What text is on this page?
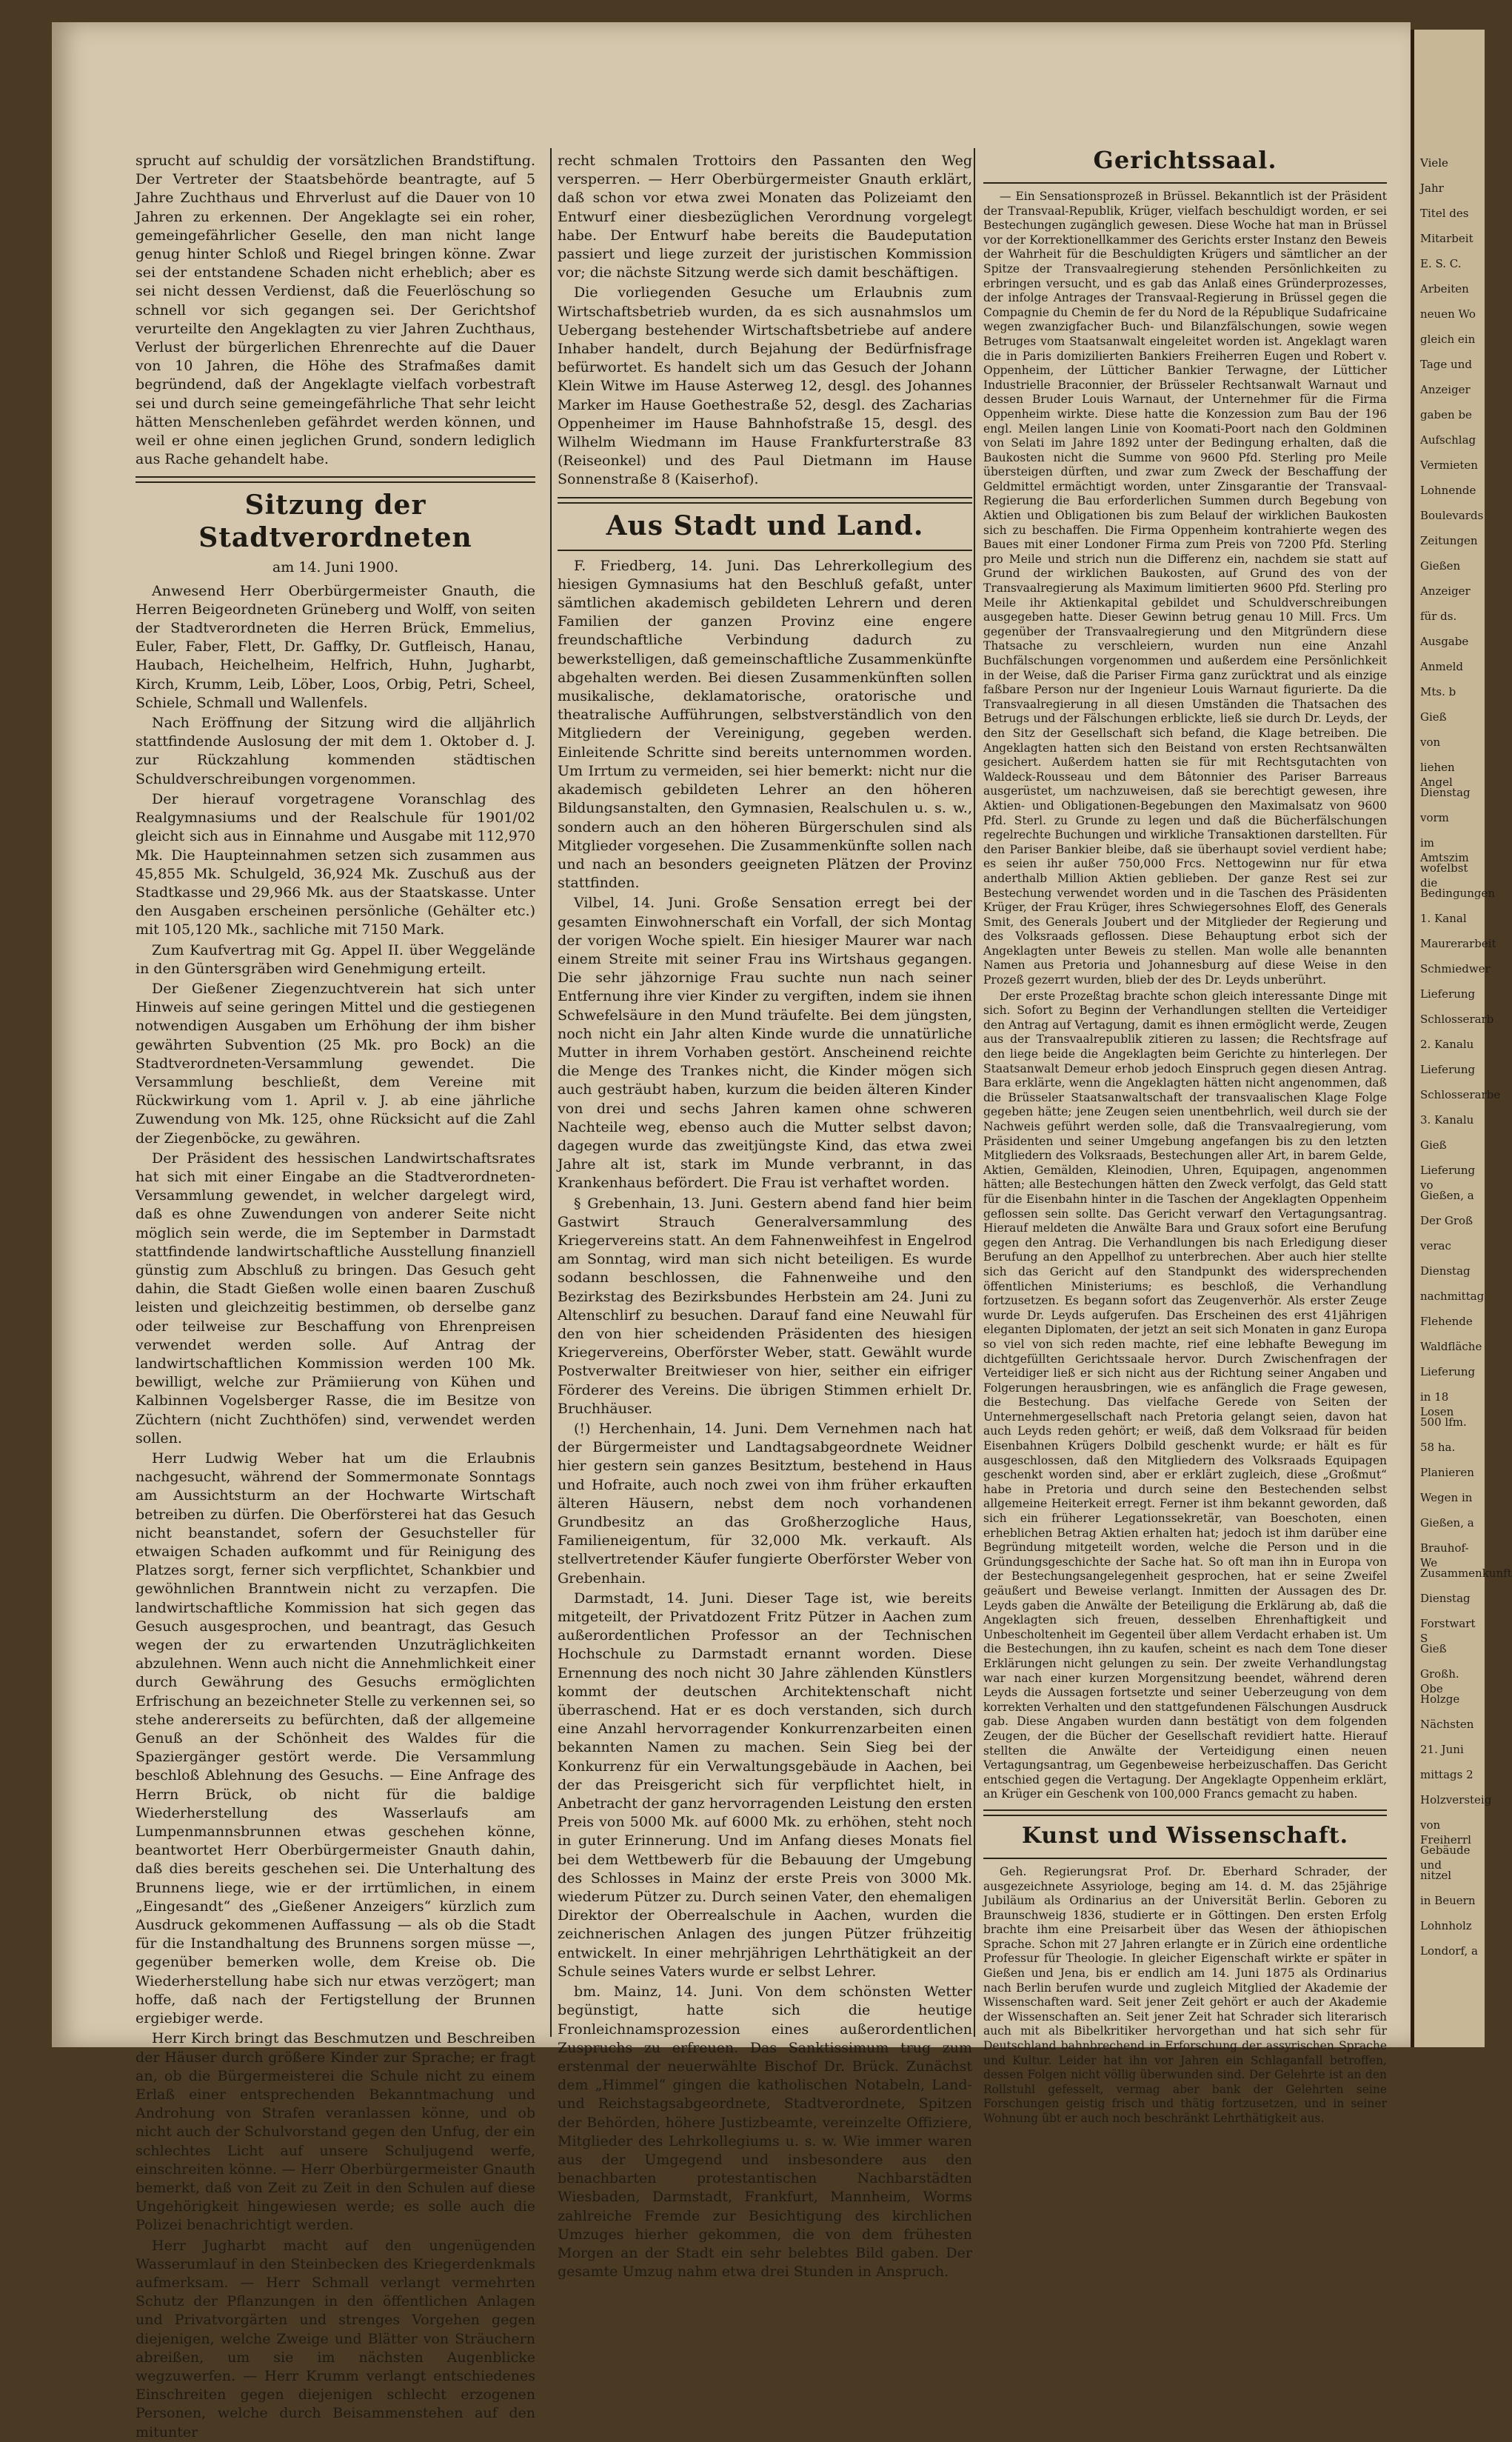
sprucht auf schuldig der vorsätzlichen Brandstiftung. Der Vertreter der Staatsbehörde beantragte, auf 5 Jahre Zuchthaus und Ehrverlust auf die Dauer von 10 Jahren zu erkennen. Der Angeklagte sei ein roher, gemeingefährlicher Geselle, den man nicht lange genug hinter Schloß und Riegel bringen könne. Zwar sei der entstandene Schaden nicht erheblich; aber es sei nicht dessen Verdienst, daß die Feuerlöschung so schnell vor sich gegangen sei. Der Gerichtshof verurteilte den Angeklagten zu vier Jahren Zuchthaus, Verlust der bürgerlichen Ehrenrechte auf die Dauer von 10 Jahren, die Höhe des Strafmaßes damit begründend, daß der Angeklagte vielfach vorbestraft sei und durch seine gemeingefährliche That sehr leicht hätten Menschenleben gefährdet werden können, und weil er ohne einen jeglichen Grund, sondern lediglich aus Rache gehandelt habe.

Sitzung der Stadtverordneten
am 14. Juni 1900.

Anwesend Herr Oberbürgermeister Gnauth, die Herren Beigeordneten Grüneberg und Wolff, von seiten der Stadtverordneten die Herren Brück, Emmelius, Euler, Faber, Flett, Dr. Gaffky, Dr. Gutfleisch, Hanau, Haubach, Heichelheim, Helfrich, Huhn, Jugharbt, Kirch, Krumm, Leib, Löber, Loos, Orbig, Petri, Scheel, Schiele, Schmall und Wallenfels.

Nach Eröffnung der Sitzung wird die alljährlich stattfindende Auslosung der mit dem 1. Oktober d. J. zur Rückzahlung kommenden städtischen Schuldverschreibungen vorgenommen.

Der hierauf vorgetragene Voranschlag des Realgymnasiums und der Realschule für 1901/02 gleicht sich aus in Einnahme und Ausgabe mit 112,970 Mk. Die Haupteinnahmen setzen sich zusammen aus 45,855 Mk. Schulgeld, 36,924 Mk. Zuschuß aus der Stadtkasse und 29,966 Mk. aus der Staatskasse. Unter den Ausgaben erscheinen persönliche (Gehälter etc.) mit 105,120 Mk., sachliche mit 7150 Mark.

Zum Kaufvertrag mit Gg. Appel II. über Weggelände in den Güntersgräben wird Genehmigung erteilt.

Der Gießener Ziegenzuchtverein hat sich unter Hinweis auf seine geringen Mittel und die gestiegenen notwendigen Ausgaben um Erhöhung der ihm bisher gewährten Subvention (25 Mk. pro Bock) an die Stadtverordneten-Versammlung gewendet. Die Versammlung beschließt, dem Vereine mit Rückwirkung vom 1. April v. J. ab eine jährliche Zuwendung von Mk. 125, ohne Rücksicht auf die Zahl der Ziegenböcke, zu gewähren.

Der Präsident des hessischen Landwirtschaftsrates hat sich mit einer Eingabe an die Stadtverordneten-Versammlung gewendet, in welcher dargelegt wird, daß es ohne Zuwendungen von anderer Seite nicht möglich sein werde, die im September in Darmstadt stattfindende landwirtschaftliche Ausstellung finanziell günstig zum Abschluß zu bringen. Das Gesuch geht dahin, die Stadt Gießen wolle einen baaren Zuschuß leisten und gleichzeitig bestimmen, ob derselbe ganz oder teilweise zur Beschaffung von Ehrenpreisen verwendet werden solle. Auf Antrag der landwirtschaftlichen Kommission werden 100 Mk. bewilligt, welche zur Prämiierung von Kühen und Kalbinnen Vogelsberger Rasse, die im Besitze von Züchtern (nicht Zuchthöfen) sind, verwendet werden sollen.

Herr Ludwig Weber hat um die Erlaubnis nachgesucht, während der Sommermonate Sonntags am Aussichtsturm an der Hochwarte Wirtschaft betreiben zu dürfen. Die Oberförsterei hat das Gesuch nicht beanstandet, sofern der Gesuchsteller für etwaigen Schaden aufkommt und für Reinigung des Platzes sorgt, ferner sich verpflichtet, Schankbier und gewöhnlichen Branntwein nicht zu verzapfen. Die landwirtschaftliche Kommission hat sich gegen das Gesuch ausgesprochen, und beantragt, das Gesuch wegen der zu erwartenden Unzuträglichkeiten abzulehnen. Wenn auch nicht die Annehmlichkeit einer durch Gewährung des Gesuchs ermöglichten Erfrischung an bezeichneter Stelle zu verkennen sei, so stehe andererseits zu befürchten, daß der allgemeine Genuß an der Schönheit des Waldes für die Spaziergänger gestört werde. Die Versammlung beschloß Ablehnung des Gesuchs. — Eine Anfrage des Herrn Brück, ob nicht für die baldige Wiederherstellung des Wasserlaufs am Lumpenmannsbrunnen etwas geschehen könne, beantwortet Herr Oberbürgermeister Gnauth dahin, daß dies bereits geschehen sei. Die Unterhaltung des Brunnens liege, wie er der irrtümlichen, in einem „Eingesandt“ des „Gießener Anzeigers“ kürzlich zum Ausdruck gekommenen Auffassung — als ob die Stadt für die Instandhaltung des Brunnens sorgen müsse —, gegenüber bemerken wolle, dem Kreise ob. Die Wiederherstellung habe sich nur etwas verzögert; man hoffe, daß nach der Fertigstellung der Brunnen ergiebiger werde.

Herr Kirch bringt das Beschmutzen und Beschreiben der Häuser durch größere Kinder zur Sprache; er fragt an, ob die Bürgermeisterei die Schule nicht zu einem Erlaß einer entsprechenden Bekanntmachung und Androhung von Strafen veranlassen könne, und ob nicht auch der Schulvorstand gegen den Unfug, der ein schlechtes Licht auf unsere Schuljugend werfe, einschreiten könne. — Herr Oberbürgermeister Gnauth bemerkt, daß von Zeit zu Zeit in den Schulen auf diese Ungehörigkeit hingewiesen werde; es solle auch die Polizei benachrichtigt werden.

Herr Jugharbt macht auf den ungenügenden Wasserumlauf in den Steinbecken des Kriegerdenkmals aufmerksam. — Herr Schmall verlangt vermehrten Schutz der Pflanzungen in den öffentlichen Anlagen und Privatvorgärten und strenges Vorgehen gegen diejenigen, welche Zweige und Blätter von Sträuchern abreißen, um sie im nächsten Augenblicke wegzuwerfen. — Herr Krumm verlangt entschiedenes Einschreiten gegen diejenigen schlecht erzogenen Personen, welche durch Beisammenstehen auf den mitunter

recht schmalen Trottoirs den Passanten den Weg versperren. — Herr Oberbürgermeister Gnauth erklärt, daß schon vor etwa zwei Monaten das Polizeiamt den Entwurf einer diesbezüglichen Verordnung vorgelegt habe. Der Entwurf habe bereits die Baudeputation passiert und liege zurzeit der juristischen Kommission vor; die nächste Sitzung werde sich damit beschäftigen.

Die vorliegenden Gesuche um Erlaubnis zum Wirtschaftsbetrieb wurden, da es sich ausnahmslos um Uebergang bestehender Wirtschaftsbetriebe auf andere Inhaber handelt, durch Bejahung der Bedürfnisfrage befürwortet. Es handelt sich um das Gesuch der Johann Klein Witwe im Hause Asterweg 12, desgl. des Johannes Marker im Hause Goethestraße 52, desgl. des Zacharias Oppenheimer im Hause Bahnhofstraße 15, desgl. des Wilhelm Wiedmann im Hause Frankfurterstraße 83 (Reiseonkel) und des Paul Dietmann im Hause Sonnenstraße 8 (Kaiserhof).

Aus Stadt und Land.

F. Friedberg, 14. Juni. Das Lehrerkollegium des hiesigen Gymnasiums hat den Beschluß gefaßt, unter sämtlichen akademisch gebildeten Lehrern und deren Familien der ganzen Provinz eine engere freundschaftliche Verbindung dadurch zu bewerkstelligen, daß gemeinschaftliche Zusammenkünfte abgehalten werden. Bei diesen Zusammenkünften sollen musikalische, deklamatorische, oratorische und theatralische Aufführungen, selbstverständlich von den Mitgliedern der Vereinigung, gegeben werden. Einleitende Schritte sind bereits unternommen worden. Um Irrtum zu vermeiden, sei hier bemerkt: nicht nur die akademisch gebildeten Lehrer an den höheren Bildungsanstalten, den Gymnasien, Realschulen u. s. w., sondern auch an den höheren Bürgerschulen sind als Mitglieder vorgesehen. Die Zusammenkünfte sollen nach und nach an besonders geeigneten Plätzen der Provinz stattfinden.

Vilbel, 14. Juni. Große Sensation erregt bei der gesamten Einwohnerschaft ein Vorfall, der sich Montag der vorigen Woche spielt. Ein hiesiger Maurer war nach einem Streite mit seiner Frau ins Wirtshaus gegangen. Die sehr jähzornige Frau suchte nun nach seiner Entfernung ihre vier Kinder zu vergiften, indem sie ihnen Schwefelsäure in den Mund träufelte. Bei dem jüngsten, noch nicht ein Jahr alten Kinde wurde die unnatürliche Mutter in ihrem Vorhaben gestört. Anscheinend reichte die Menge des Trankes nicht, die Kinder mögen sich auch gesträubt haben, kurzum die beiden älteren Kinder von drei und sechs Jahren kamen ohne schweren Nachteile weg, ebenso auch die Mutter selbst davon; dagegen wurde das zweitjüngste Kind, das etwa zwei Jahre alt ist, stark im Munde verbrannt, in das Krankenhaus befördert. Die Frau ist verhaftet worden.

§ Grebenhain, 13. Juni. Gestern abend fand hier beim Gastwirt Strauch Generalversammlung des Kriegervereins statt. An dem Fahnenweihfest in Engelrod am Sonntag, wird man sich nicht beteiligen. Es wurde sodann beschlossen, die Fahnenweihe und den Bezirkstag des Bezirksbundes Herbstein am 24. Juni zu Altenschlirf zu besuchen. Darauf fand eine Neuwahl für den von hier scheidenden Präsidenten des hiesigen Kriegervereins, Oberförster Weber, statt. Gewählt wurde Postverwalter Breitwieser von hier, seither ein eifriger Förderer des Vereins. Die übrigen Stimmen erhielt Dr. Bruchhäuser.

(!) Herchenhain, 14. Juni. Dem Vernehmen nach hat der Bürgermeister und Landtagsabgeordnete Weidner hier gestern sein ganzes Besitztum, bestehend in Haus und Hofraite, auch noch zwei von ihm früher erkauften älteren Häusern, nebst dem noch vorhandenen Grundbesitz an das Großherzogliche Haus, Familieneigentum, für 32,000 Mk. verkauft. Als stellvertretender Käufer fungierte Oberförster Weber von Grebenhain.

Darmstadt, 14. Juni. Dieser Tage ist, wie bereits mitgeteilt, der Privatdozent Fritz Pützer in Aachen zum außerordentlichen Professor an der Technischen Hochschule zu Darmstadt ernannt worden. Diese Ernennung des noch nicht 30 Jahre zählenden Künstlers kommt der deutschen Architektenschaft nicht überraschend. Hat er es doch verstanden, sich durch eine Anzahl hervorragender Konkurrenzarbeiten einen bekannten Namen zu machen. Sein Sieg bei der Konkurrenz für ein Verwaltungsgebäude in Aachen, bei der das Preisgericht sich für verpflichtet hielt, in Anbetracht der ganz hervorragenden Leistung den ersten Preis von 5000 Mk. auf 6000 Mk. zu erhöhen, steht noch in guter Erinnerung. Und im Anfang dieses Monats fiel bei dem Wettbewerb für die Bebauung der Umgebung des Schlosses in Mainz der erste Preis von 3000 Mk. wiederum Pützer zu. Durch seinen Vater, den ehemaligen Direktor der Oberrealschule in Aachen, wurden die zeichnerischen Anlagen des jungen Pützer frühzeitig entwickelt. In einer mehrjährigen Lehrthätigkeit an der Schule seines Vaters wurde er selbst Lehrer.

bm. Mainz, 14. Juni. Von dem schönsten Wetter begünstigt, hatte sich die heutige Fronleichnamsprozession eines außerordentlichen Zuspruchs zu erfreuen. Das Sanktissimum trug zum erstenmal der neuerwählte Bischof Dr. Brück. Zunächst dem „Himmel“ gingen die katholischen Notabeln, Land- und Reichstagsabgeordnete, Stadtverordnete, Spitzen der Behörden, höhere Justizbeamte, vereinzelte Offiziere, Mitglieder des Lehrkollegiums u. s. w. Wie immer waren aus der Umgegend und insbesondere aus den benachbarten protestantischen Nachbarstädten Wiesbaden, Darmstadt, Frankfurt, Mannheim, Worms zahlreiche Fremde zur Besichtigung des kirchlichen Umzuges hierher gekommen, die von dem frühesten Morgen an der Stadt ein sehr belebtes Bild gaben. Der gesamte Umzug nahm etwa drei Stunden in Anspruch.

Gerichtssaal.

— Ein Sensationsprozeß in Brüssel. Bekanntlich ist der Präsident der Transvaal-Republik, Krüger, vielfach beschuldigt worden, er sei Bestechungen zugänglich gewesen. Diese Woche hat man in Brüssel vor der Korrektionellkammer des Gerichts erster Instanz den Beweis der Wahrheit für die Beschuldigten Krügers und sämtlicher an der Spitze der Transvaalregierung stehenden Persönlichkeiten zu erbringen versucht, und es gab das Anlaß eines Gründerprozesses, der infolge Antrages der Transvaal-Regierung in Brüssel gegen die Compagnie du Chemin de fer du Nord de la République Sudafricaine wegen zwanzigfacher Buch- und Bilanzfälschungen, sowie wegen Betruges vom Staatsanwalt eingeleitet worden ist. Angeklagt waren die in Paris domizilierten Bankiers Freiherren Eugen und Robert v. Oppenheim, der Lütticher Bankier Terwagne, der Lütticher Industrielle Braconnier, der Brüsseler Rechtsanwalt Warnaut und dessen Bruder Louis Warnaut, der Unternehmer für die Firma Oppenheim wirkte. Diese hatte die Konzession zum Bau der 196 engl. Meilen langen Linie von Koomati-Poort nach den Goldminen von Selati im Jahre 1892 unter der Bedingung erhalten, daß die Baukosten nicht die Summe von 9600 Pfd. Sterling pro Meile übersteigen dürften, und zwar zum Zweck der Beschaffung der Geldmittel ermächtigt worden, unter Zinsgarantie der Transvaal-Regierung die Bau erforderlichen Summen durch Begebung von Aktien und Obligationen bis zum Belauf der wirklichen Baukosten sich zu beschaffen. Die Firma Oppenheim kontrahierte wegen des Baues mit einer Londoner Firma zum Preis von 7200 Pfd. Sterling pro Meile und strich nun die Differenz ein, nachdem sie statt auf Grund der wirklichen Baukosten, auf Grund des von der Transvaalregierung als Maximum limitierten 9600 Pfd. Sterling pro Meile ihr Aktienkapital gebildet und Schuldverschreibungen ausgegeben hatte. Dieser Gewinn betrug genau 10 Mill. Frcs. Um gegenüber der Transvaalregierung und den Mitgründern diese Thatsache zu verschleiern, wurden nun eine Anzahl Buchfälschungen vorgenommen und außerdem eine Persönlichkeit in der Weise, daß die Pariser Firma ganz zurücktrat und als einzige faßbare Person nur der Ingenieur Louis Warnaut figurierte. Da die Transvaalregierung in all diesen Umständen die Thatsachen des Betrugs und der Fälschungen erblickte, ließ sie durch Dr. Leyds, der den Sitz der Gesellschaft sich befand, die Klage betreiben. Die Angeklagten hatten sich den Beistand von ersten Rechtsanwälten gesichert. Außerdem hatten sie für mit Rechtsgutachten von Waldeck-Rousseau und dem Bâtonnier des Pariser Barreaus ausgerüstet, um nachzuweisen, daß sie berechtigt gewesen, ihre Aktien- und Obligationen-Begebungen den Maximalsatz von 9600 Pfd. Sterl. zu Grunde zu legen und daß die Bücherfälschungen regelrechte Buchungen und wirkliche Transaktionen darstellten. Für den Pariser Bankier bleibe, daß sie überhaupt soviel verdient habe; es seien ihr außer 750,000 Frcs. Nettogewinn nur für etwa anderthalb Million Aktien geblieben. Der ganze Rest sei zur Bestechung verwendet worden und in die Taschen des Präsidenten Krüger, der Frau Krüger, ihres Schwiegersohnes Eloff, des Generals Smit, des Generals Joubert und der Mitglieder der Regierung und des Volksraads geflossen. Diese Behauptung erbot sich der Angeklagten unter Beweis zu stellen. Man wolle alle benannten Namen aus Pretoria und Johannesburg auf diese Weise in den Prozeß gezerrt wurden, blieb der des Dr. Leyds unberührt.

Der erste Prozeßtag brachte schon gleich interessante Dinge mit sich. Sofort zu Beginn der Verhandlungen stellten die Verteidiger den Antrag auf Vertagung, damit es ihnen ermöglicht werde, Zeugen aus der Transvaalrepublik zitieren zu lassen; die Rechtsfrage auf den liege beide die Angeklagten beim Gerichte zu hinterlegen. Der Staatsanwalt Demeur erhob jedoch Einspruch gegen diesen Antrag. Bara erklärte, wenn die Angeklagten hätten nicht angenommen, daß die Brüsseler Staatsanwaltschaft der transvaalischen Klage Folge gegeben hätte; jene Zeugen seien unentbehrlich, weil durch sie der Nachweis geführt werden solle, daß die Transvaalregierung, vom Präsidenten und seiner Umgebung angefangen bis zu den letzten Mitgliedern des Volksraads, Bestechungen aller Art, in barem Gelde, Aktien, Gemälden, Kleinodien, Uhren, Equipagen, angenommen hätten; alle Bestechungen hätten den Zweck verfolgt, das Geld statt für die Eisenbahn hinter in die Taschen der Angeklagten Oppenheim geflossen sein sollte. Das Gericht verwarf den Vertagungsantrag. Hierauf meldeten die Anwälte Bara und Graux sofort eine Berufung gegen den Antrag. Die Verhandlungen bis nach Erledigung dieser Berufung an den Appellhof zu unterbrechen. Aber auch hier stellte sich das Gericht auf den Standpunkt des widersprechenden öffentlichen Ministeriums; es beschloß, die Verhandlung fortzusetzen. Es begann sofort das Zeugenverhör. Als erster Zeuge wurde Dr. Leyds aufgerufen. Das Erscheinen des erst 41jährigen eleganten Diplomaten, der jetzt an seit sich Monaten in ganz Europa so viel von sich reden machte, rief eine lebhafte Bewegung im dichtgefüllten Gerichtssaale hervor. Durch Zwischenfragen der Verteidiger ließ er sich nicht aus der Richtung seiner Angaben und Folgerungen herausbringen, wie es anfänglich die Frage gewesen, die Bestechung. Das vielfache Gerede von Seiten der Unternehmergesellschaft nach Pretoria gelangt seien, davon hat auch Leyds reden gehört; er weiß, daß dem Volksraad für beiden Eisenbahnen Krügers Dolbild geschenkt wurde; er hält es für ausgeschlossen, daß den Mitgliedern des Volksraads Equipagen geschenkt worden sind, aber er erklärt zugleich, diese „Großmut“ habe in Pretoria und durch seine den Bestechenden selbst allgemeine Heiterkeit erregt. Ferner ist ihm bekannt geworden, daß sich ein früherer Legationssekretär, van Boeschoten, einen erheblichen Betrag Aktien erhalten hat; jedoch ist ihm darüber eine Begründung mitgeteilt worden, welche die Person und in die Gründungsgeschichte der Sache hat. So oft man ihn in Europa von der Bestechungsangelegenheit gesprochen, hat er seine Zweifel geäußert und Beweise verlangt. Inmitten der Aussagen des Dr. Leyds gaben die Anwälte der Beteiligung die Erklärung ab, daß die Angeklagten sich freuen, desselben Ehrenhaftigkeit und Unbescholtenheit im Gegenteil über allem Verdacht erhaben ist. Um die Bestechungen, ihn zu kaufen, scheint es nach dem Tone dieser Erklärungen nicht gelungen zu sein. Der zweite Verhandlungstag war nach einer kurzen Morgensitzung beendet, während deren Leyds die Aussagen fortsetzte und seiner Ueberzeugung von dem korrekten Verhalten und den stattgefundenen Fälschungen Ausdruck gab. Diese Angaben wurden dann bestätigt von dem folgenden Zeugen, der die Bücher der Gesellschaft revidiert hatte. Hierauf stellten die Anwälte der Verteidigung einen neuen Vertagungsantrag, um Gegenbeweise herbeizuschaffen. Das Gericht entschied gegen die Vertagung. Der Angeklagte Oppenheim erklärt, an Krüger ein Geschenk von 100,000 Francs gemacht zu haben.

Kunst und Wissenschaft.

Geh. Regierungsrat Prof. Dr. Eberhard Schrader, der ausgezeichnete Assyriologe, beging am 14. d. M. das 25jährige Jubiläum als Ordinarius an der Universität Berlin. Geboren zu Braunschweig 1836, studierte er in Göttingen. Den ersten Erfolg brachte ihm eine Preisarbeit über das Wesen der äthiopischen Sprache. Schon mit 27 Jahren erlangte er in Zürich eine ordentliche Professur für Theologie. In gleicher Eigenschaft wirkte er später in Gießen und Jena, bis er endlich am 14. Juni 1875 als Ordinarius nach Berlin berufen wurde und zugleich Mitglied der Akademie der Wissenschaften ward. Seit jener Zeit gehört er auch der Akademie der Wissenschaften an. Seit jener Zeit hat Schrader sich literarisch auch mit als Bibelkritiker hervorgethan und hat sich sehr für Deutschland bahnbrechend in Erforschung der assyrischen Sprache und Kultur. Leider hat ihn vor Jahren ein Schlaganfall betroffen, dessen Folgen nicht völlig überwunden sind. Der Gelehrte ist an den Rollstuhl gefesselt, vermag aber bank der Gelehrten seine Forschungen geistig frisch und thätig fortzusetzen, und in seiner Wohnung übt er auch noch beschränkt Lehrthätigkeit aus.

Viele
Jahr
Titel des
Mitarbeit
E. S. C.
Arbeiten
neuen Wo
gleich ein
Tage und
Anzeiger
gaben be
Aufschlag
Vermieten
Lohnende
Boulevards
Zeitungen
Gießen
Anzeiger
für ds.
Ausgabe
Anmeld
Mts. b
Gieß
von
liehen Angel
Dienstag
vorm
im Amtszim
wofelbst die
Bedingungen
1. Kanal
Maurerarbeit
Schmiedwer
Lieferung
Schlosserarb
2. Kanalu
Lieferung
Schlosserarbe
3. Kanalu
Gieß
Lieferung vo
Gießen, a
Der Groß
verac
Dienstag
nachmittag
Flehende
Waldfläche
Lieferung
in 18 Losen
500 lfm.
58 ha.
Planieren
Wegen in
Gießen, a
Brauhof-We
Zusammenkunft
Dienstag
Forstwart S
Gieß
Großh. Obe
Holzge
Nächsten
21. Juni
mittags 2
Holzversteig
von Freiherrl
Gebäude und
nitzel
in Beuern
Lohnholz
Londorf, a
